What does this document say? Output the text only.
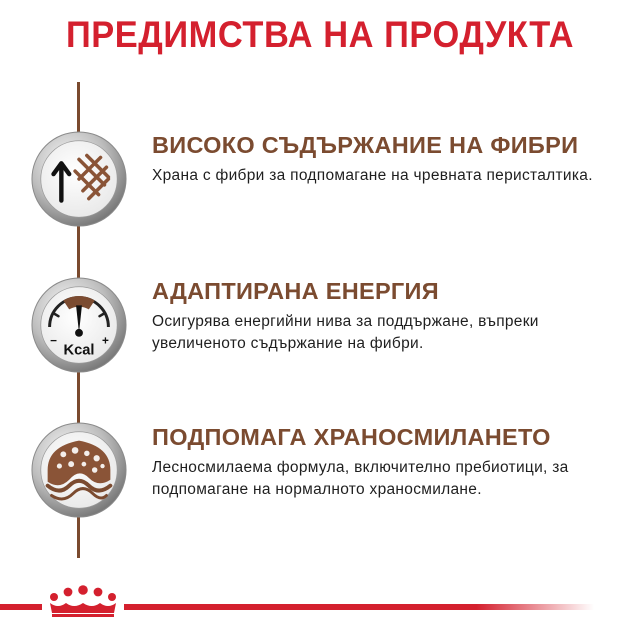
ПРЕДИМСТВА НА ПРОДУКТА
ВИСОКО СЪДЪРЖАНИЕ НА ФИБРИ
Храна с фибри за подпомагане на чревната перисталтика.
Kcal
−	+
АДАПТИРАНА ЕНЕРГИЯ
Осигурява енергийни нива за поддържане, въпреки увеличеното съдържание на фибри.
ПОДПОМАГА ХРАНОСМИЛАНЕТО
Лесносмилаема формула, включително пребиотици, за подпомагане на нормалното храносмилане.
